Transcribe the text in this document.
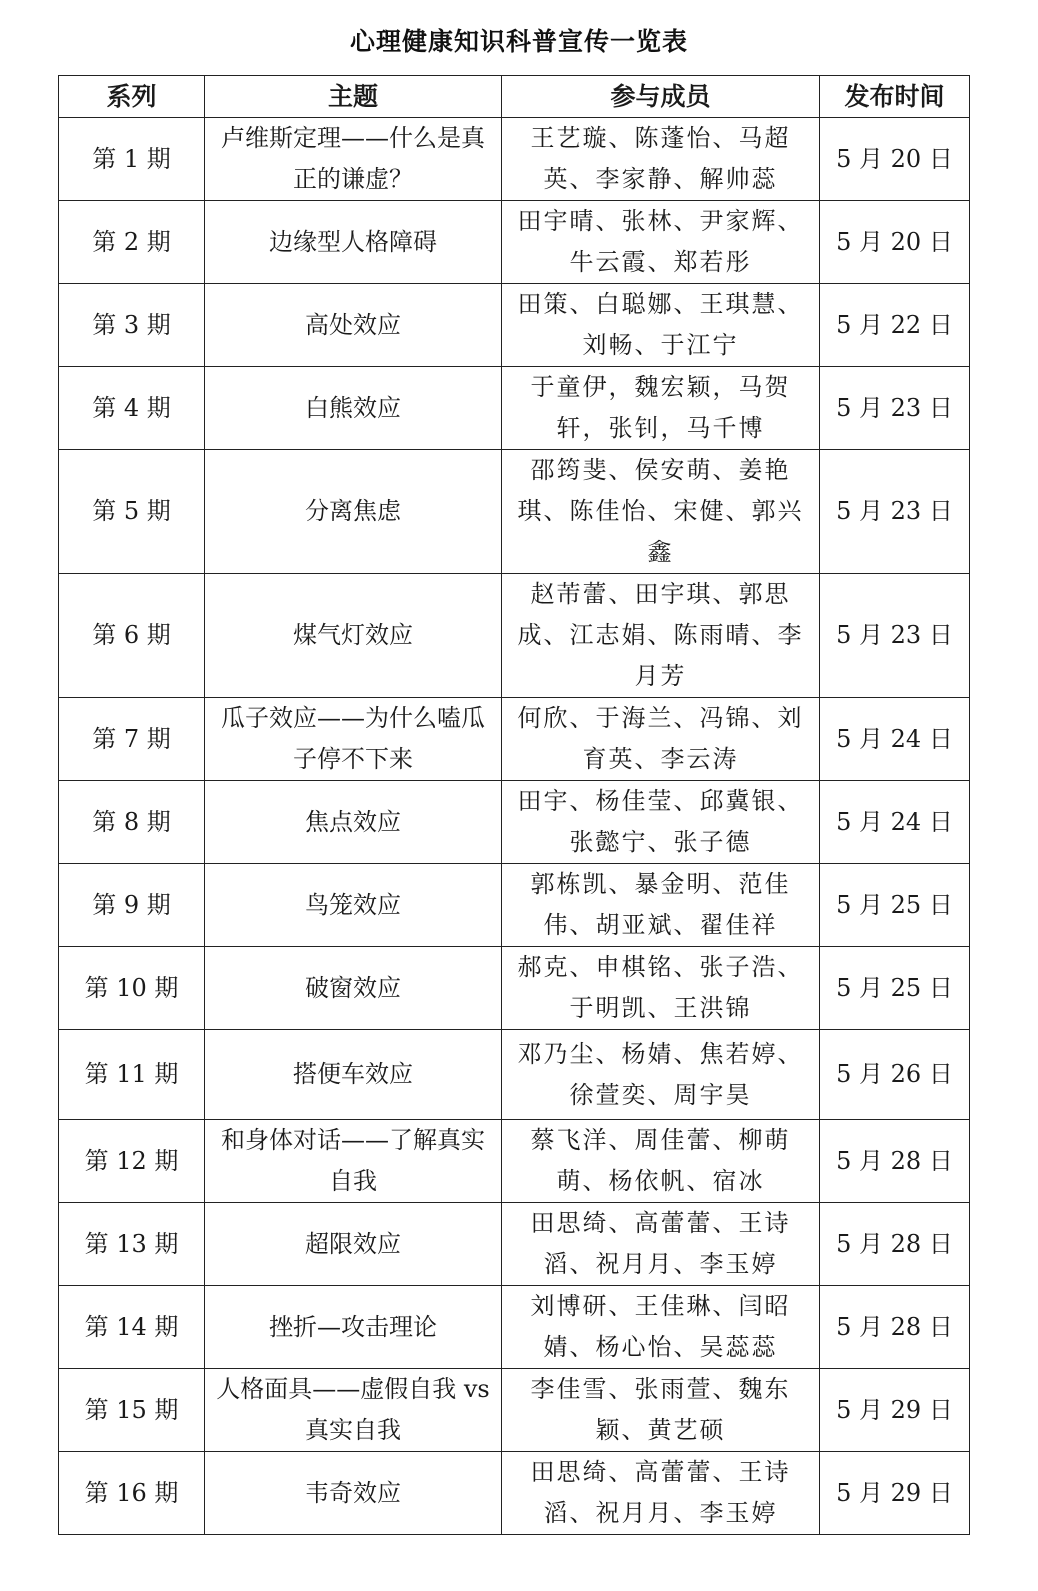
心理健康知识科普宣传一览表
系列	主题	参与成员	发布时间
第 1 期	卢维斯定理——什么是真正的谦虚？	王艺璇、陈蓬怡、马超英、李家静、解帅蕊	5 月 20 日
第 2 期	边缘型人格障碍	田宇晴、张林、尹家辉、牛云霞、郑若彤	5 月 20 日
第 3 期	高处效应	田策、白聪娜、王琪慧、刘畅、于江宁	5 月 22 日
第 4 期	白熊效应	于童伊，魏宏颖，马贺轩，张钊，马千博	5 月 23 日
第 5 期	分离焦虑	邵筠斐、侯安萌、姜艳琪、陈佳怡、宋健、郭兴鑫	5 月 23 日
第 6 期	煤气灯效应	赵芾蕾、田宇琪、郭思成、江志娟、陈雨晴、李月芳	5 月 23 日
第 7 期	瓜子效应——为什么嗑瓜子停不下来	何欣、于海兰、冯锦、刘育英、李云涛	5 月 24 日
第 8 期	焦点效应	田宇、杨佳莹、邱冀银、张懿宁、张子德	5 月 24 日
第 9 期	鸟笼效应	郭栋凯、暴金明、范佳伟、胡亚斌、翟佳祥	5 月 25 日
第 10 期	破窗效应	郝克、申棋铭、张子浩、于明凯、王洪锦	5 月 25 日
第 11 期	搭便车效应	邓乃尘、杨婧、焦若婷、徐萱奕、周宇昊	5 月 26 日
第 12 期	和身体对话——了解真实自我	蔡飞洋、周佳蕾、柳萌萌、杨依帆、宿冰	5 月 28 日
第 13 期	超限效应	田思绮、高蕾蕾、王诗滔、祝月月、李玉婷	5 月 28 日
第 14 期	挫折—攻击理论	刘博研、王佳琳、闫昭婧、杨心怡、吴蕊蕊	5 月 28 日
第 15 期	人格面具——虚假自我 vs 真实自我	李佳雪、张雨萱、魏东颖、黄艺硕	5 月 29 日
第 16 期	韦奇效应	田思绮、高蕾蕾、王诗滔、祝月月、李玉婷	5 月 29 日
